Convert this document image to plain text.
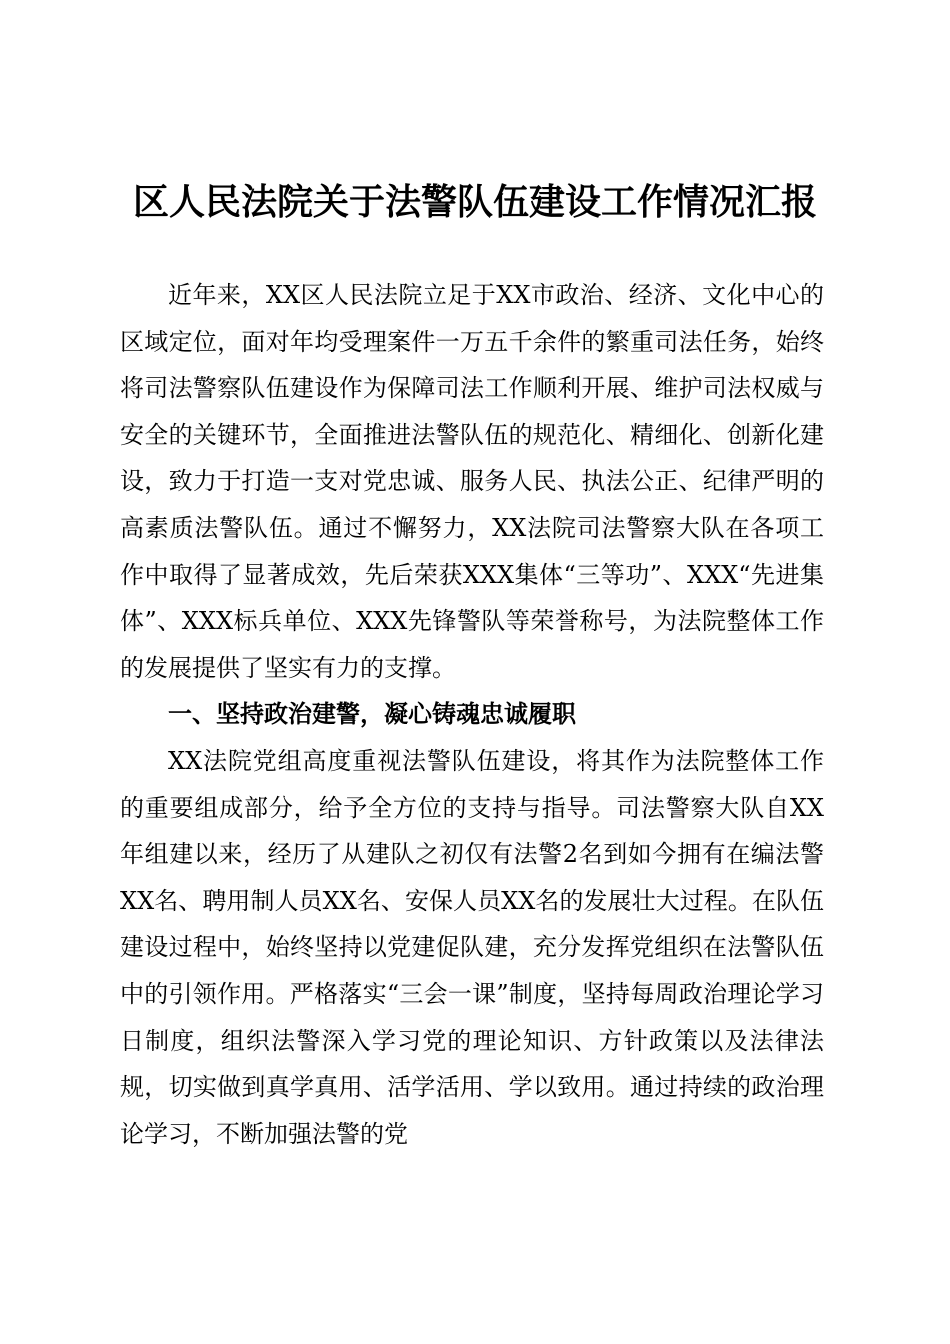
区人民法院关于法警队伍建设工作情况汇报

近年来，XX区人民法院立足于XX市政治、经济、文化中心的区域定位，面对年均受理案件一万五千余件的繁重司法任务，始终将司法警察队伍建设作为保障司法工作顺利开展、维护司法权威与安全的关键环节，全面推进法警队伍的规范化、精细化、创新化建设，致力于打造一支对党忠诚、服务人民、执法公正、纪律严明的高素质法警队伍。通过不懈努力，XX法院司法警察大队在各项工作中取得了显著成效，先后荣获XXX集体“三等功”、XXX“先进集体”、XXX标兵单位、XXX先锋警队等荣誉称号，为法院整体工作的发展提供了坚实有力的支撑。

一、坚持政治建警，凝心铸魂忠诚履职

XX法院党组高度重视法警队伍建设，将其作为法院整体工作的重要组成部分，给予全方位的支持与指导。司法警察大队自XX年组建以来，经历了从建队之初仅有法警2名到如今拥有在编法警XX名、聘用制人员XX名、安保人员XX名的发展壮大过程。在队伍建设过程中，始终坚持以党建促队建，充分发挥党组织在法警队伍中的引领作用。严格落实“三会一课”制度，坚持每周政治理论学习日制度，组织法警深入学习党的理论知识、方针政策以及法律法规，切实做到真学真用、活学活用、学以致用。通过持续的政治理论学习，不断加强法警的党
